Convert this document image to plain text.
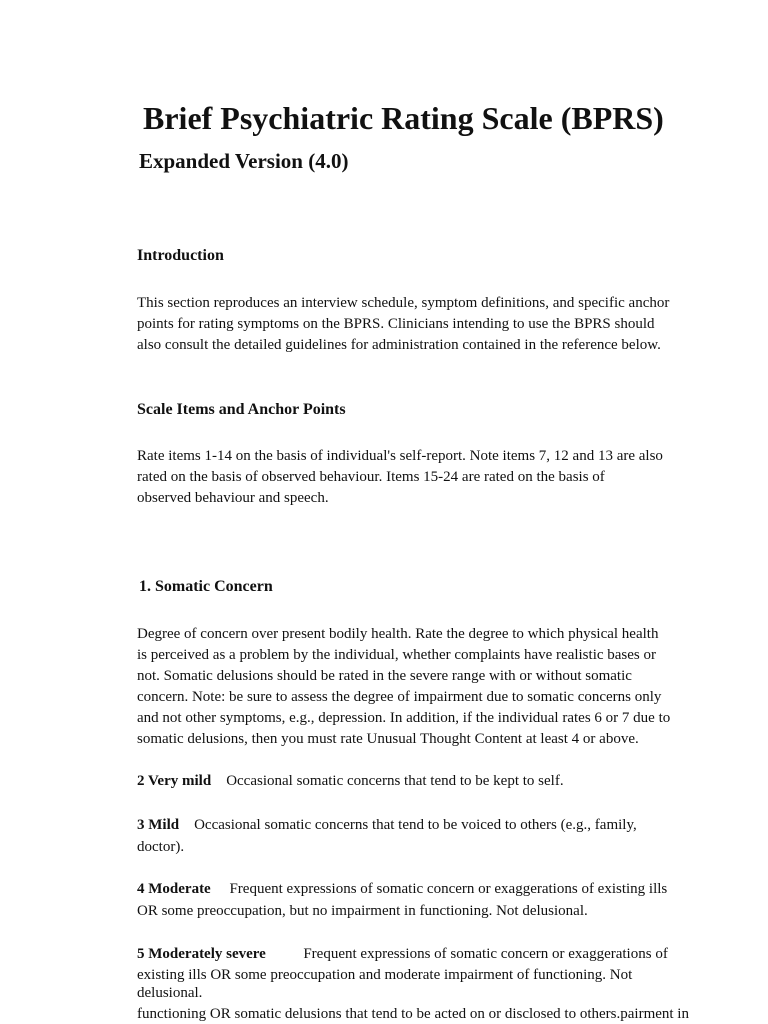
Brief Psychiatric Rating Scale (BPRS)
Expanded Version (4.0)
Introduction

This section reproduces an interview schedule, symptom definitions, and specific anchor
points for rating symptoms on the BPRS. Clinicians intending to use the BPRS should
also consult the detailed guidelines for administration contained in the reference below.

Scale Items and Anchor Points

Rate items 1-14 on the basis of individual's self-report. Note items 7, 12 and 13 are also
rated on the basis of observed behaviour. Items 15-24 are rated on the basis of
observed behaviour and speech.

1. Somatic Concern

Degree of concern over present bodily health. Rate the degree to which physical health
is perceived as a problem by the individual, whether complaints have realistic bases or
not. Somatic delusions should be rated in the severe range with or without somatic
concern. Note: be sure to assess the degree of impairment due to somatic concerns only
and not other symptoms, e.g., depression. In addition, if the individual rates 6 or 7 due to
somatic delusions, then you must rate Unusual Thought Content at least 4 or above.

2 Very mild Occasional somatic concerns that tend to be kept to self.
3 Mild Occasional somatic concerns that tend to be voiced to others (e.g., family,
doctor).
4 Moderate Frequent expressions of somatic concern or exaggerations of existing ills
OR some preoccupation, but no impairment in functioning. Not delusional.
5 Moderately severe	Frequent expressions of somatic concern or exaggerations of
existing ills OR some preoccupation and moderate impairment of functioning. Not
delusional.
functioning OR somatic delusions that tend to be acted on or disclosed to others.‌pairment in
